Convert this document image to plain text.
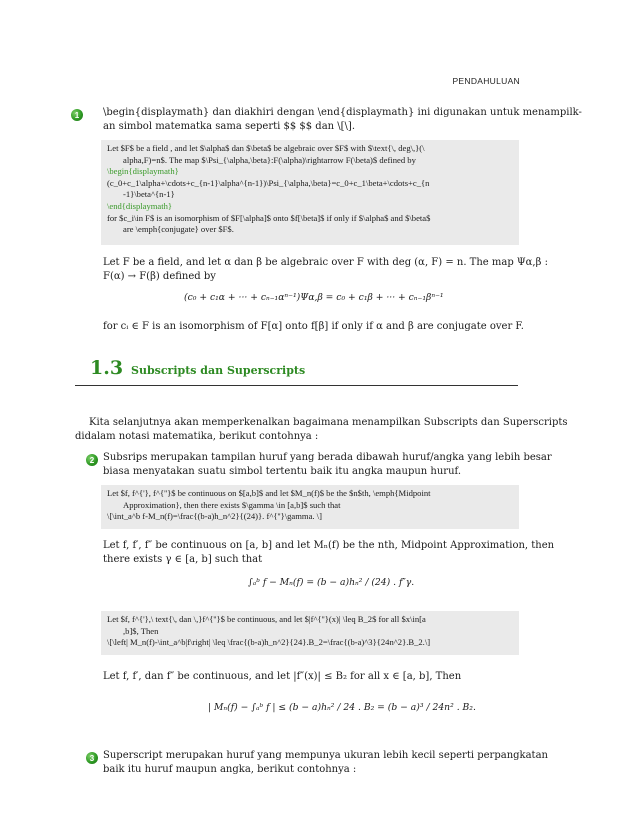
PENDAHULUAN
1 \begin{displaymath} dan diakhiri dengan \end{displaymath} ini digunakan untuk menampilk-
an simbol matematka sama seperti $$ $$ dan \[\].
Let $F$ be a field , and let $\alpha$ dan $\beta$ be algebraic over $F$ with $\text{\, deg\,}(\
alpha,F)=n$. The map $\Psi_{\alpha,\beta}:F(\alpha)\rightarrow F(\beta)$ defined by
\begin{displaymath}
(c_0+c_1\alpha+\cdots+c_{n-1}\alpha^{n-1})\Psi_{\alpha,\beta}=c_0+c_1\beta+\cdots+c_{n
-1}\beta^{n-1}
\end{displaymath}
for $c_i\in F$ is an isomorphism of $F[\alpha]$ onto $f[\beta]$ if only if $\alpha$ and $\beta$
are \emph{conjugate} over $F$.
Let F be a field, and let α dan β be algebraic over F with deg (α, F) = n. The map Ψα,β :
F(α) → F(β) defined by
(c₀ + c₁α + ··· + cₙ₋₁αⁿ⁻¹)Ψα,β = c₀ + c₁β + ··· + cₙ₋₁βⁿ⁻¹
for cᵢ ∈ F is an isomorphism of F[α] onto f[β] if only if α and β are conjugate over F.
1.3 Subscripts dan Superscripts
Kita selanjutnya akan memperkenalkan bagaimana menampilkan Subscripts dan Superscripts
didalam notasi matematika, berikut contohnya :
2 Subsrips merupakan tampilan huruf yang berada dibawah huruf/angka yang lebih besar
biasa menyatakan suatu simbol tertentu baik itu angka maupun huruf.
Let $f, f^{'}, f^{''}$ be continuous on $[a,b]$ and let $M_n(f)$ be the $n$th, \emph{Midpoint
Approximation}, then there exists $\gamma \in [a,b]$ such that
\[\int_a^b f-M_n(f)=\frac{(b-a)h_n^2}{(24)}. f^{''}\gamma. \]
Let f, f′, f″ be continuous on [a, b] and let Mₙ(f) be the nth, Midpoint Approximation, then
there exists γ ∈ [a, b] such that
∫ₐᵇ f − Mₙ(f) = (b − a)hₙ² / (24) . f″γ.
Let $f, f^{'},\ text{\, dan \,}f^{''}$ be continuous, and let $|f^{''}(x)| \leq B_2$ for all $x\in[a
,b]$, Then
\[\left| M_n(f)-\int_a^b|f\right| \leq \frac{(b-a)h_n^2}{24}.B_2=\frac{(b-a)^3}{24n^2}.B_2.\]
Let f, f′, dan f″ be continuous, and let |f″(x)| ≤ B₂ for all x ∈ [a, b], Then
| Mₙ(f) − ∫ₐᵇ f | ≤ (b − a)hₙ² / 24 . B₂ = (b − a)³ / 24n² . B₂.
3 Superscript merupakan huruf yang mempunya ukuran lebih kecil seperti perpangkatan
baik itu huruf maupun angka, berikut contohnya :
